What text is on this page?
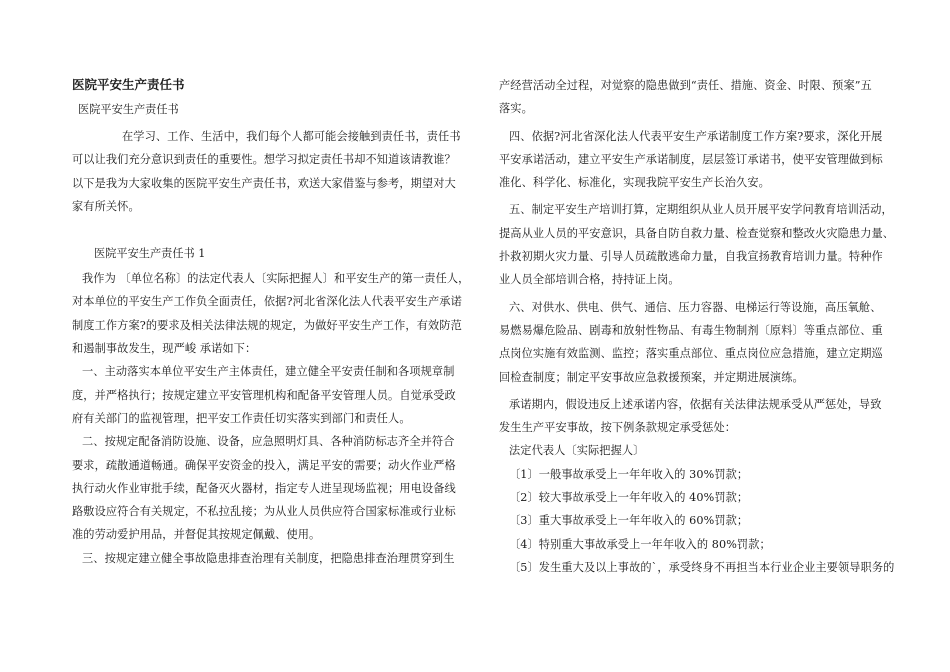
医院平安生产责任书
医院平安生产责任书
在学习、工作、生活中，我们每个人都可能会接触到责任书，责任书
可以让我们充分意识到责任的重要性。想学习拟定责任书却不知道该请教谁？
以下是我为大家收集的医院平安生产责任书，欢送大家借鉴与参考，期望对大
家有所关怀。
医院平安生产责任书 1
我作为 〔单位名称〕的法定代表人〔实际把握人〕和平安生产的第一责任人，
对本单位的平安生产工作负全面责任，依据?河北省深化法人代表平安生产承诺
制度工作方案?的要求及相关法律法规的规定，为做好平安生产工作，有效防范
和遏制事故发生，现严峻 承诺如下：
一、主动落实本单位平安生产主体责任，建立健全平安责任制和各项规章制
度，并严格执行；按规定建立平安管理机构和配备平安管理人员。自觉承受政
府有关部门的监视管理，把平安工作责任切实落实到部门和责任人。
二、按规定配备消防设施、设备，应急照明灯具、各种消防标志齐全并符合
要求，疏散通道畅通。确保平安资金的投入，满足平安的需要；动火作业严格
执行动火作业审批手续，配备灭火器材，指定专人进呈现场监视；用电设备线
路敷设应符合有关规定，不私拉乱接；为从业人员供应符合国家标准或行业标
准的劳动爱护用品，并督促其按规定佩戴、使用。
三、按规定建立健全事故隐患排查治理有关制度，把隐患排查治理贯穿到生
产经营活动全过程，对觉察的隐患做到“责任、措施、资金、时限、预案”五
落实。
四、依据?河北省深化法人代表平安生产承诺制度工作方案?要求，深化开展
平安承诺活动，建立平安生产承诺制度，层层签订承诺书，使平安管理做到标
准化、科学化、标准化，实现我院平安生产长治久安。
五、制定平安生产培训打算，定期组织从业人员开展平安学问教育培训活动，
提高从业人员的平安意识，具备自防自救力量、检查觉察和整改火灾隐患力量、
扑救初期火灾力量、引导人员疏散逃命力量，自我宣扬教育培训力量。特种作
业人员全部培训合格，持持证上岗。
六、对供水、供电、供气、通信、压力容器、电梯运行等设施，高压氧舱、
易燃易爆危险品、剧毒和放射性物品、有毒生物制剂〔原料〕等重点部位、重
点岗位实施有效监测、监控；落实重点部位、重点岗位应急措施，建立定期巡
回检查制度；制定平安事故应急救援预案，并定期进展演练。
承诺期内，假设违反上述承诺内容，依据有关法律法规承受从严惩处，导致
发生生产平安事故，按下例条款规定承受惩处：
法定代表人〔实际把握人〕
〔1〕一般事故承受上一年年收入的 30%罚款；
〔2〕较大事故承受上一年年收入的 40%罚款；
〔3〕重大事故承受上一年年收入的 60%罚款；
〔4〕特别重大事故承受上一年年收入的 80%罚款；
〔5〕发生重大及以上事故的`，承受终身不再担当本行业企业主要领导职务的
